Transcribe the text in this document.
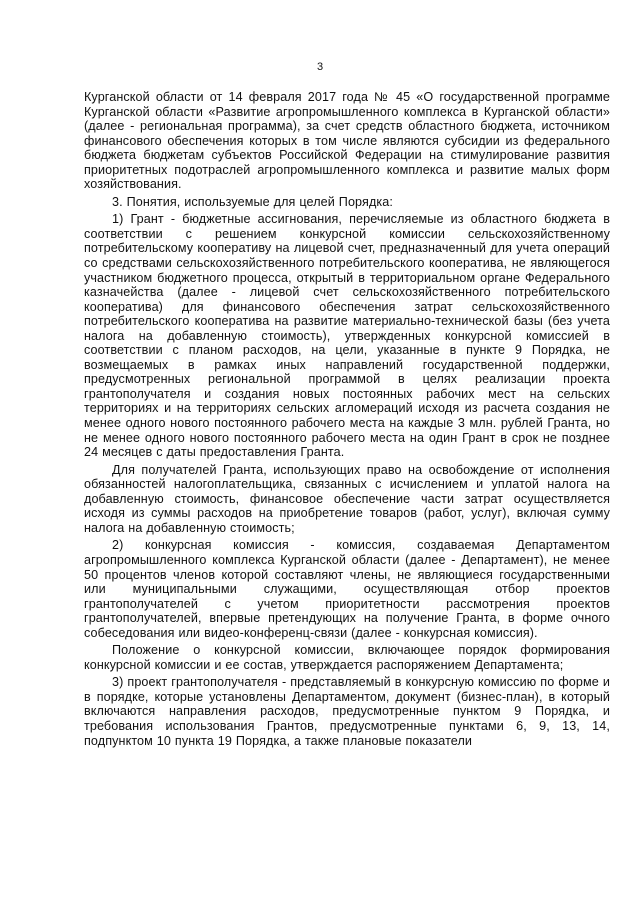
3

Курганской области от 14 февраля 2017 года № 45 «О государственной программе Курганской области «Развитие агропромышленного комплекса в Курганской области» (далее - региональная программа), за счет средств областного бюджета, источником финансового обеспечения которых в том числе являются субсидии из федерального бюджета бюджетам субъектов Российской Федерации на стимулирование развития приоритетных подотраслей агропромышленного комплекса и развитие малых форм хозяйствования.

3. Понятия, используемые для целей Порядка:

1) Грант - бюджетные ассигнования, перечисляемые из областного бюджета в соответствии с решением конкурсной комиссии сельскохозяйственному потребительскому кооперативу на лицевой счет, предназначенный для учета операций со средствами сельскохозяйственного потребительского кооператива, не являющегося участником бюджетного процесса, открытый в территориальном органе Федерального казначейства (далее - лицевой счет сельскохозяйственного потребительского кооператива) для финансового обеспечения затрат сельскохозяйственного потребительского кооператива на развитие материально-технической базы (без учета налога на добавленную стоимость), утвержденных конкурсной комиссией в соответствии с планом расходов, на цели, указанные в пункте 9 Порядка, не возмещаемых в рамках иных направлений государственной поддержки, предусмотренных региональной программой в целях реализации проекта грантополучателя и создания новых постоянных рабочих мест на сельских территориях и на территориях сельских агломераций исходя из расчета создания не менее одного нового постоянного рабочего места на каждые 3 млн. рублей Гранта, но не менее одного нового постоянного рабочего места на один Грант в срок не позднее 24 месяцев с даты предоставления Гранта.

Для получателей Гранта, использующих право на освобождение от исполнения обязанностей налогоплательщика, связанных с исчислением и уплатой налога на добавленную стоимость, финансовое обеспечение части затрат осуществляется исходя из суммы расходов на приобретение товаров (работ, услуг), включая сумму налога на добавленную стоимость;

2) конкурсная комиссия - комиссия, создаваемая Департаментом агропромышленного комплекса Курганской области (далее - Департамент), не менее 50 процентов членов которой составляют члены, не являющиеся государственными или муниципальными служащими, осуществляющая отбор проектов грантополучателей с учетом приоритетности рассмотрения проектов грантополучателей, впервые претендующих на получение Гранта, в форме очного собеседования или видео-конференц-связи (далее - конкурсная комиссия).

Положение о конкурсной комиссии, включающее порядок формирования конкурсной комиссии и ее состав, утверждается распоряжением Департамента;

3) проект грантополучателя - представляемый в конкурсную комиссию по форме и в порядке, которые установлены Департаментом, документ (бизнес-план), в который включаются направления расходов, предусмотренные пунктом 9 Порядка, и требования использования Грантов, предусмотренные пунктами 6, 9, 13, 14, подпунктом 10 пункта 19 Порядка, а также плановые показатели
